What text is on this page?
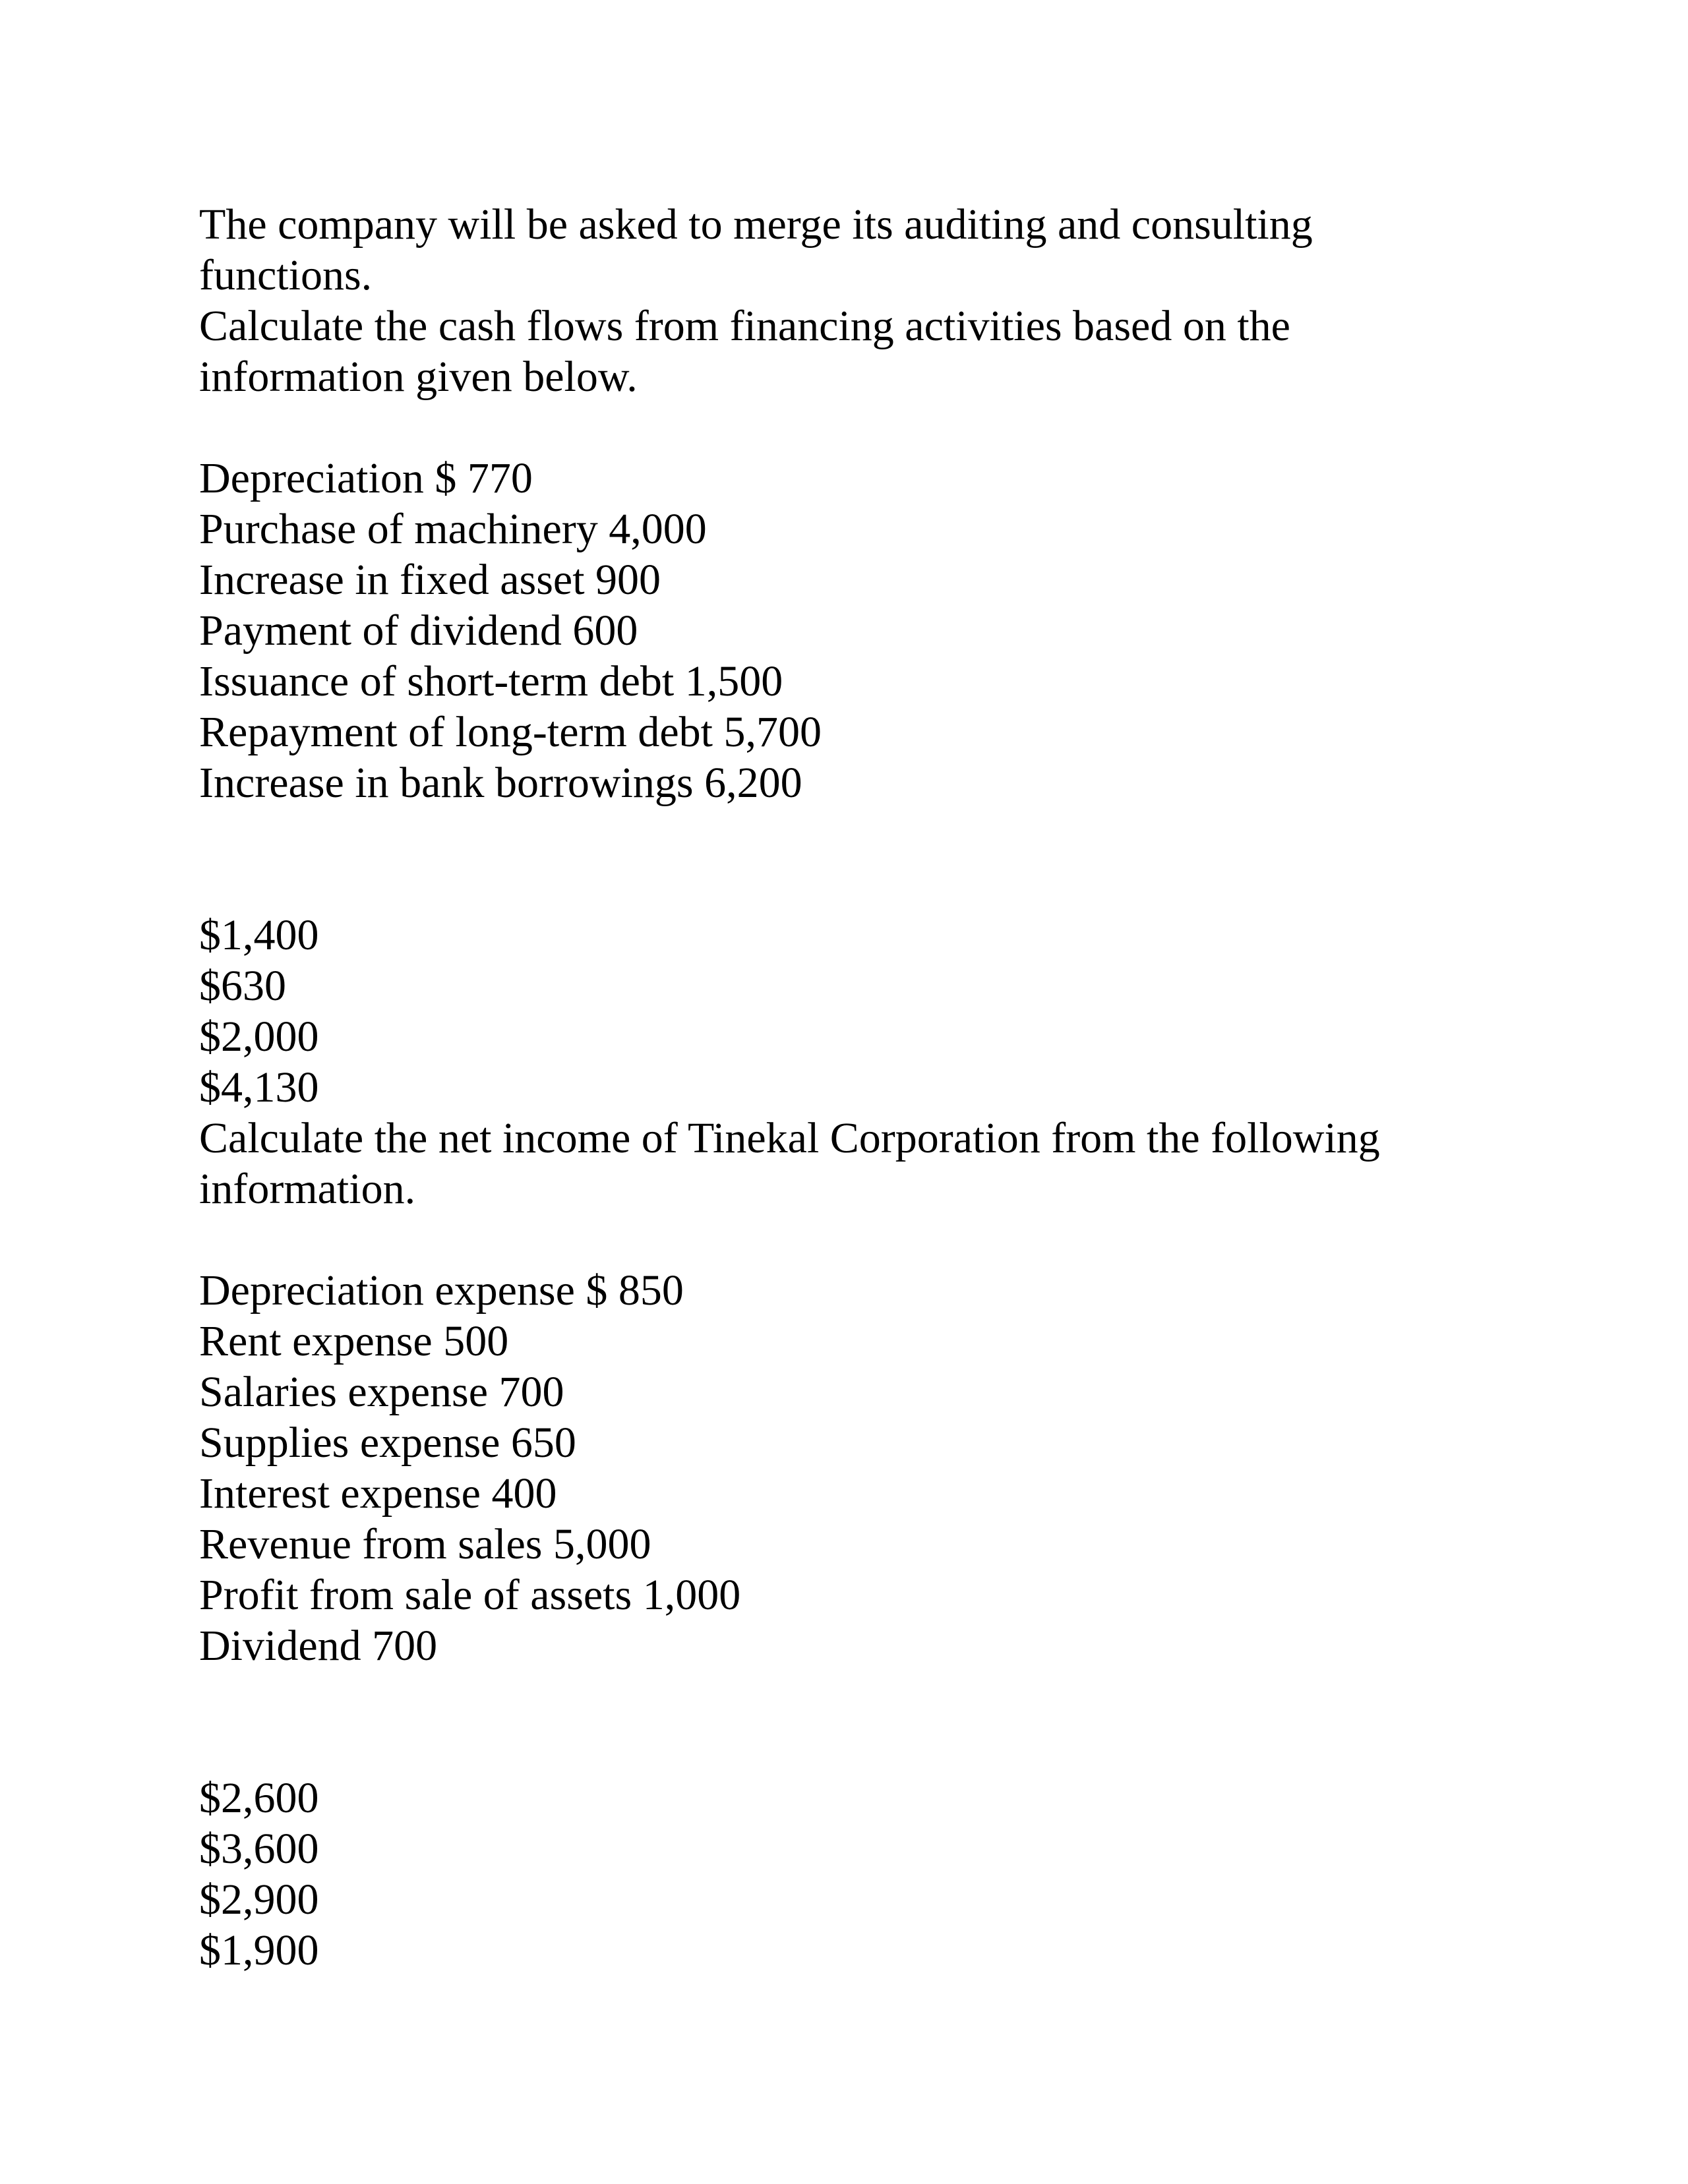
The company will be asked to merge its auditing and consulting
functions.
Calculate the cash flows from financing activities based on the
information given below.
Depreciation $ 770
Purchase of machinery 4,000
Increase in fixed asset 900
Payment of dividend 600
Issuance of short-term debt 1,500
Repayment of long-term debt 5,700
Increase in bank borrowings 6,200
$1,400
$630
$2,000
$4,130
Calculate the net income of Tinekal Corporation from the following
information.
Depreciation expense $ 850
Rent expense 500
Salaries expense 700
Supplies expense 650
Interest expense 400
Revenue from sales 5,000
Profit from sale of assets 1,000
Dividend 700
$2,600
$3,600
$2,900
$1,900
